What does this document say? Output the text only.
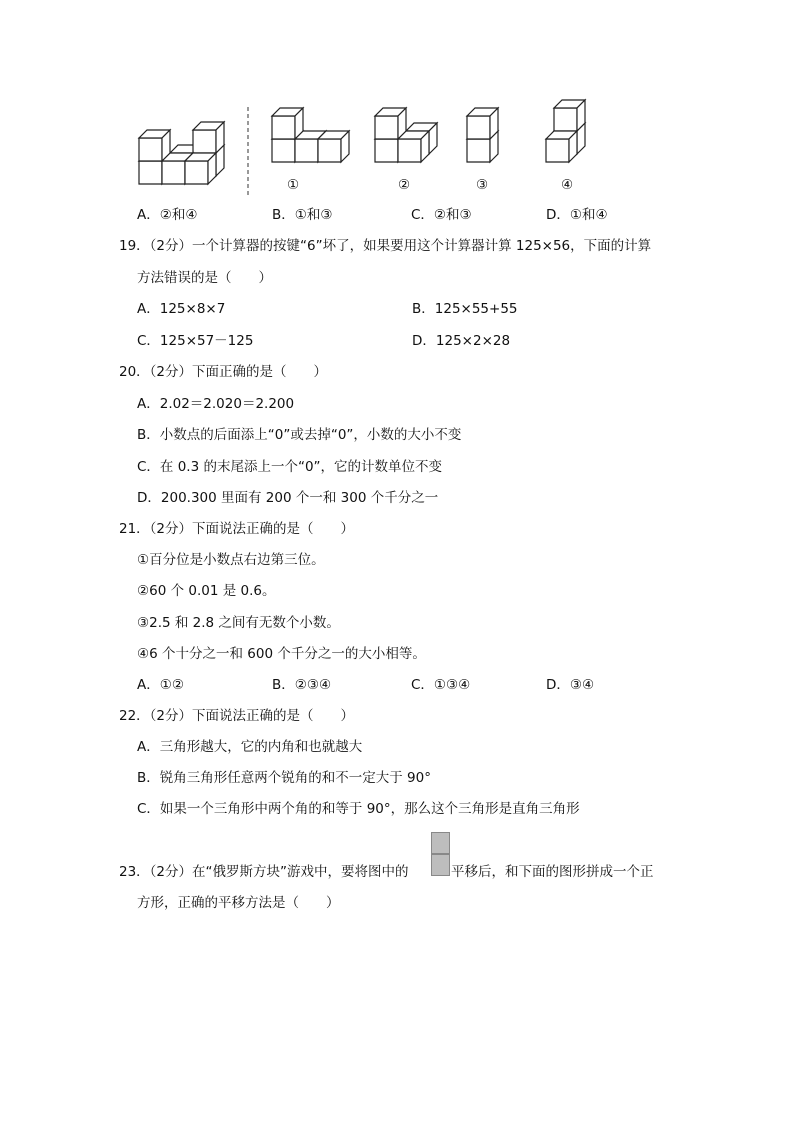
①	②	③	④
A．②和④	B．①和③	C．②和③	D．①和④
19．（2分）一个计算器的按键“6”坏了，如果要用这个计算器计算 125×56，下面的计算
方法错误的是（　　）
A．125×8×7	B．125×55+55
C．125×57－125	D．125×2×28
20．（2分）下面正确的是（　　）
A．2.02＝2.020＝2.200
B．小数点的后面添上“0”或去掉“0”，小数的大小不变
C．在 0.3 的末尾添上一个“0”，它的计数单位不变
D．200.300 里面有 200 个一和 300 个千分之一
21．（2分）下面说法正确的是（　　）
①百分位是小数点右边第三位。
②60 个 0.01 是 0.6。
③2.5 和 2.8 之间有无数个小数。
④6 个十分之一和 600 个千分之一的大小相等。
A．①②	B．②③④	C．①③④	D．③④
22．（2分）下面说法正确的是（　　）
A．三角形越大，它的内角和也就越大
B．锐角三角形任意两个锐角的和不一定大于 90°
C．如果一个三角形中两个角的和等于 90°，那么这个三角形是直角三角形
23．（2分）在“俄罗斯方块”游戏中，要将图中的	平移后，和下面的图形拼成一个正
方形，正确的平移方法是（　　）
